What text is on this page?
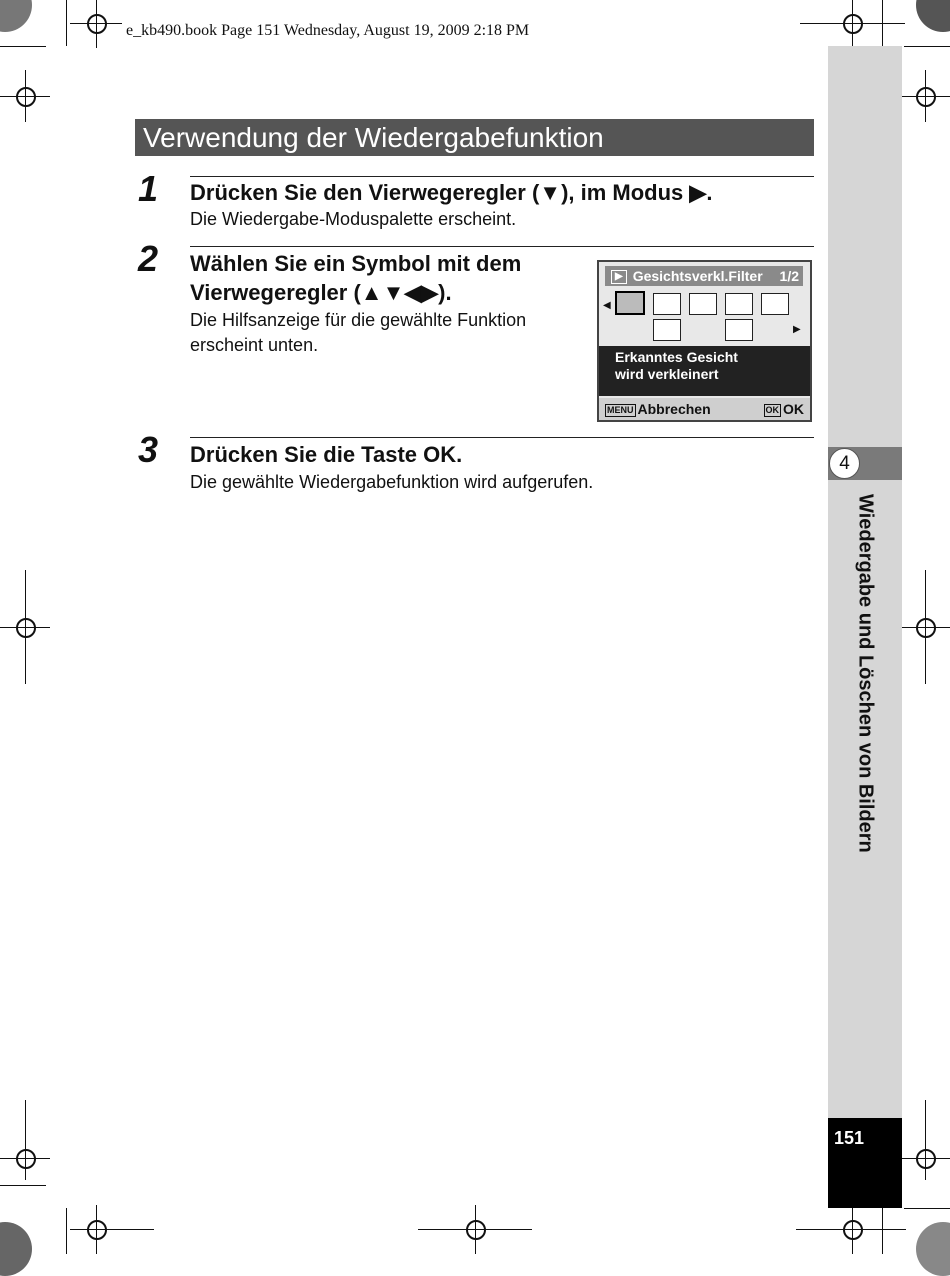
e_kb490.book Page 151 Wednesday, August 19, 2009 2:18 PM
4
Wiedergabe und Löschen von Bildern
151
Verwendung der Wiedergabefunktion
1 Drücken Sie den Vierwegeregler (▼), im Modus ▶.
Die Wiedergabe-Moduspalette erscheint.
2 Wählen Sie ein Symbol mit dem
Vierwegeregler (▲▼◀▶).
Die Hilfsanzeige für die gewählte Funktion
erscheint unten.
▶ Gesichtsverkl.Filter 1/2
◀
▶
Erkanntes Gesicht
wird verkleinert
MENU Abbrechen	OK OK
3 Drücken Sie die Taste OK.
Die gewählte Wiedergabefunktion wird aufgerufen.
